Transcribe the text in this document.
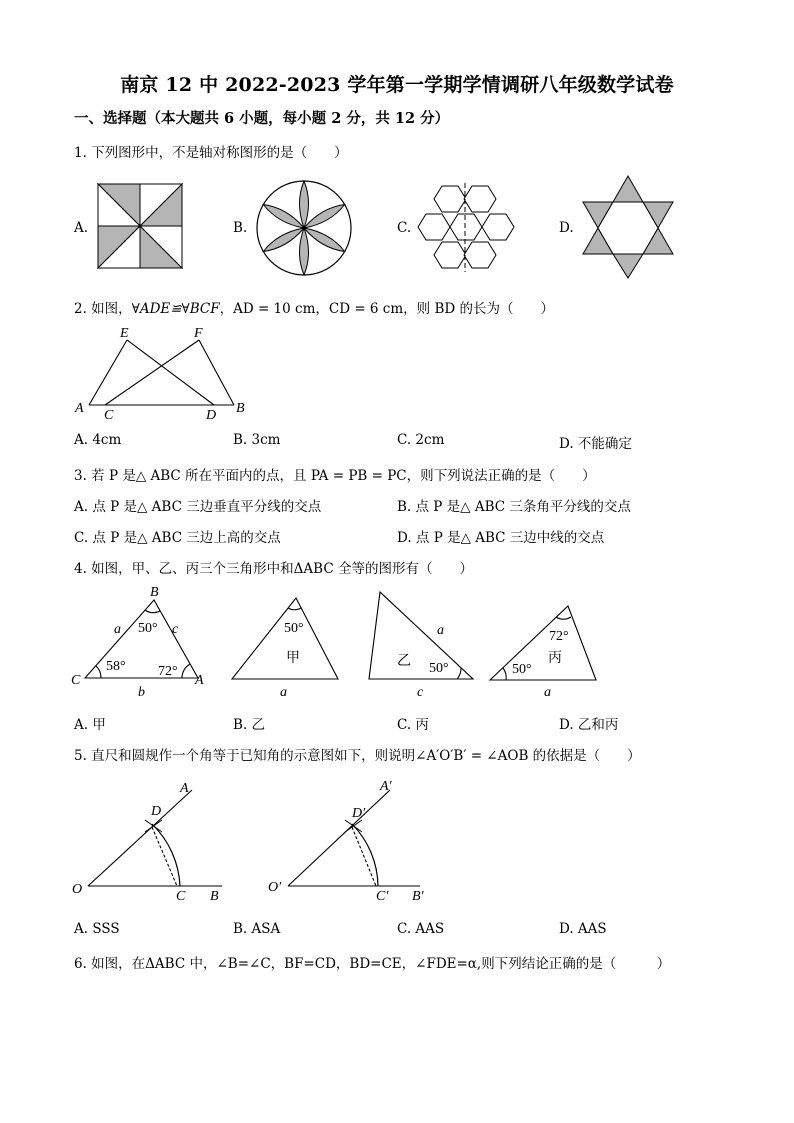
南京 12 中 2022-2023 学年第一学期学情调研八年级数学试卷
一、选择题（本大题共 6 小题，每小题 2 分，共 12 分）
1. 下列图形中，不是轴对称图形的是（　　）
A.	B.	C.	D.
2. 如图，∀ADE≌∀BCF，AD = 10 cm，CD = 6 cm，则 BD 的长为（　　）
E	F
A C	D B
A. 4cm	B. 3cm	C. 2cm	D. 不能确定
3. 若 P 是△ ABC 所在平面内的点，且 PA = PB = PC，则下列说法正确的是（　　）
A. 点 P 是△ ABC 三边垂直平分线的交点	B. 点 P 是△ ABC 三条角平分线的交点
C. 点 P 是△ ABC 三边上高的交点	D. 点 P 是△ ABC 三边中线的交点
4. 如图，甲、乙、丙三个三角形中和ΔABC 全等的图形有（　　）
B
a	c
C	A
b
50°
58° 72°
50°
甲
a
a
乙 50°
c
72°
50°
丙
a
A. 甲	B. 乙	C. 丙	D. 乙和丙
5. 直尺和圆规作一个角等于已知角的示意图如下，则说明∠A′O′B′ = ∠AOB 的依据是（　　）
A
D
O	C B
A′
D′
O′
C′ B′
A. SSS	B. ASA	C. AAS	D. AAS
6. 如图，在ΔABC 中，∠B=∠C，BF=CD，BD=CE，∠FDE=α,则下列结论正确的是（　　　）
